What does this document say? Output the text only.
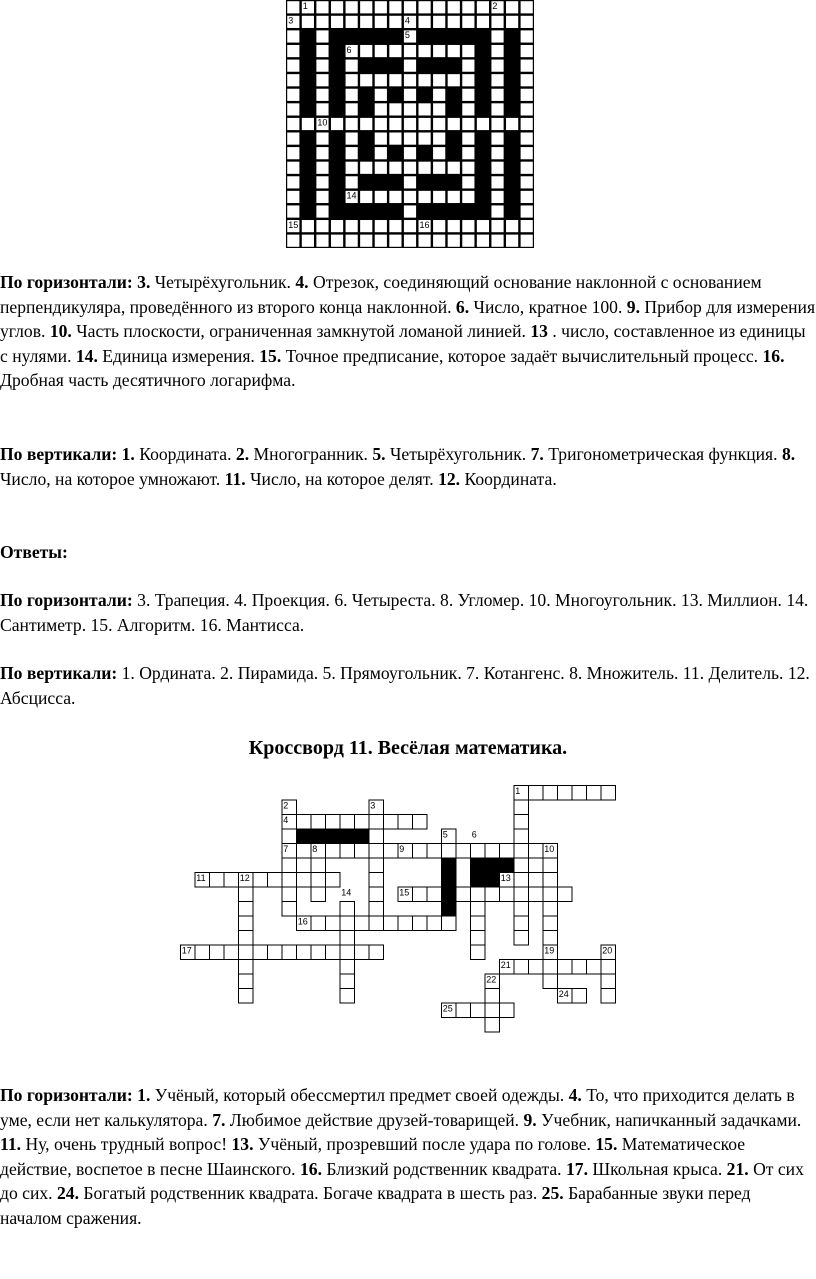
1	2
3	4
5
6
7	8
9
10
11	12
13
14
15	16

По горизонтали: 3. Четырёхугольник. 4. Отрезок, соединяющий основание наклонной с основанием перпендикуляра, проведённого из второго конца наклонной. 6. Число, кратное 100. 9. Прибор для измерения углов. 10. Часть плоскости, ограниченная замкнутой ломаной линией. 13 . число, составленное из единицы с нулями. 14. Единица измерения. 15. Точное предписание, которое задаёт вычислительный процесс. 16. Дробная часть десятичного логарифма.

По вертикали: 1. Координата. 2. Многогранник. 5. Четырёхугольник. 7. Тригонометрическая функция. 8. Число, на которое умножают. 11. Число, на которое делят. 12. Координата.

Ответы:

По горизонтали: 3. Трапеция. 4. Проекция. 6. Четыреста. 8. Угломер. 10. Многоугольник. 13. Миллион. 14. Сантиметр. 15. Алгоритм. 16. Мантисса.

По вертикали: 1. Ордината. 2. Пирамида. 5. Прямоугольник. 7. Котангенс. 8. Множитель. 11. Делитель. 12. Абсцисса.

Кроссворд 11. Весёлая математика.
1
2	3
4
5	6
7	8	9	10
11	12	13
14	15
16
17	19	20
21
22
24
25

По горизонтали: 1. Учёный, который обессмертил предмет своей одежды. 4. То, что приходится делать в уме, если нет калькулятора. 7. Любимое действие друзей-товарищей. 9. Учебник, напичканный задачками. 11. Ну, очень трудный вопрос! 13. Учёный, прозревший после удара по голове. 15. Математическое действие, воспетое в песне Шаинского. 16. Близкий родственник квадрата. 17. Школьная крыса. 21. От сих до сих. 24. Богатый родственник квадрата. Богаче квадрата в шесть раз. 25. Барабанные звуки перед началом сражения.
